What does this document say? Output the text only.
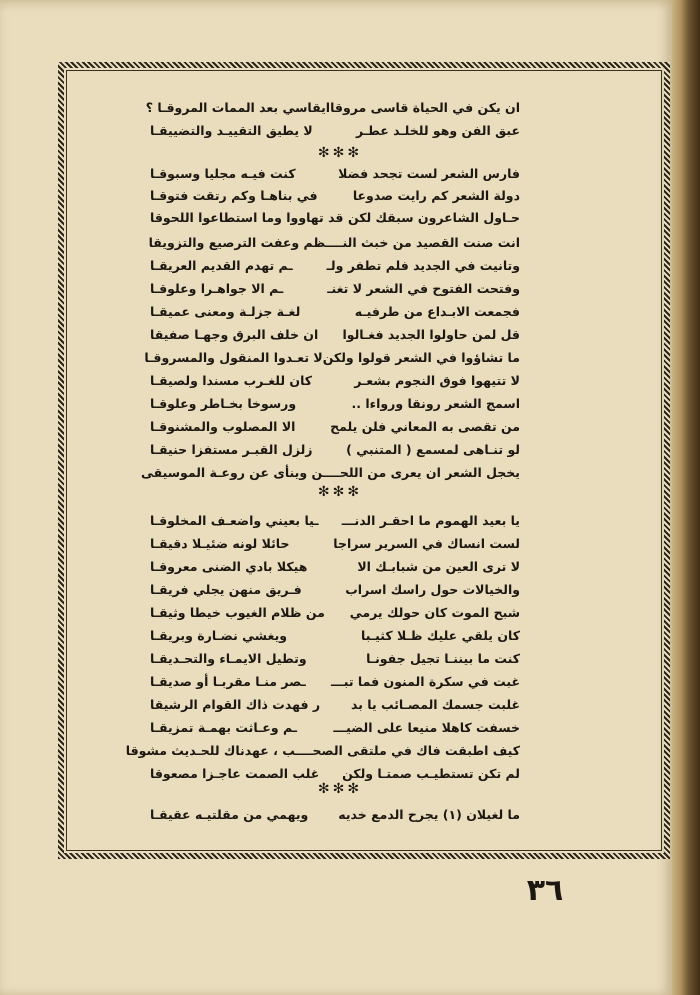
ان يكن في الحياة قاسى مروقا
ايقاسي بعد الممات المروقـا ؟
عبق الفن وهو للخلـد عطـر
لا يطيق التقييـد والتضييقـا
✻✻✻
فارس الشعر لست تجحد فضلا
كنت فيـه مجليا وسبوقـا
دولة الشعر كم رايت صدوعا
في بناهـا وكم رتقت فتوقـا
حـاول الشاعرون سبقك لكن
قد تهاووا وما استطاعوا اللحوقا
انت صنت القصيد من خبث النـــ
ـظم وعفت الترصيع والتزويقا
وتانيت في الجديد فلم تطفر ولـ
ـم تهدم القديم العريقـا
وفتحت الفتوح في الشعر لا تغنـ
ـم الا جواهـرا وعلوقـا
فجمعت الابـداع من طرفيـه
لغـة جزلـة ومعنى عميقـا
قل لمن حاولوا الجديد فغـالوا
ان خلف البرق وجهـا صفيقا
ما تشاؤوا في الشعر قولوا ولكن
لا تعـدوا المنقول والمسروقـا
لا تتيهوا فوق النجوم بشعـر
كان للغـرب مسندا ولصيقـا
اسمج الشعر رونقا ورواءا ..
ورسوخا بخـاطر وعلوقـا
من تقصى به المعاني فلن يلمح
الا المصلوب والمشنوقـا
لو تنـاهى لمسمع ( المتنبي )
زلزل القبـر مستفزا حنيقـا
يخجل الشعر ان يعرى من اللحـــ
ـن وينأى عن روعـة الموسيقى
✻✻✻
يا بعيد الهموم ما احقـر الدنـــ
ـيا بعيني واضعـف المخلوقـا
لست انساك في السرير سراجا
حائلا لونه ضئيـلا دقيقـا
لا ترى العين من شبابـك الا
هيكلا بادي الضنى معروقـا
والخيالات حول راسك اسراب
فـريق منهن يجلي فريقـا
شبح الموت كان حولك يرمي
من ظلام الغيوب خيطا وثيقـا
كان يلقي عليك ظـلا كثيـبا
ويغشي نضـارة وبريقـا
كنت ما بيننـا تجيل جفونـا
وتطيل الايمـاء والتحـديقـا
غبت في سكرة المنون فما تبـــ
ـصر منـا مقربـا أو صديقـا
غلبت جسمك المصـائب يا بد
ر فهدت ذاك القوام الرشيقا
خسفت كاهلا منيعا على الضيـــ
ـم وعـاثت بهمـة تمزيقـا
كيف اطبقت فاك في ملتقى الصحـــ
ـب ، عهدناك للحـديث مشوقا
لم تكن تستطيـب صمتـا ولكن
غلب الصمت عاجـزا مصعوقا
✻✻✻
ما لغيلان (١) يجرح الدمع خديه
ويهمي من مقلتيـه عقيقـا
٣٦
